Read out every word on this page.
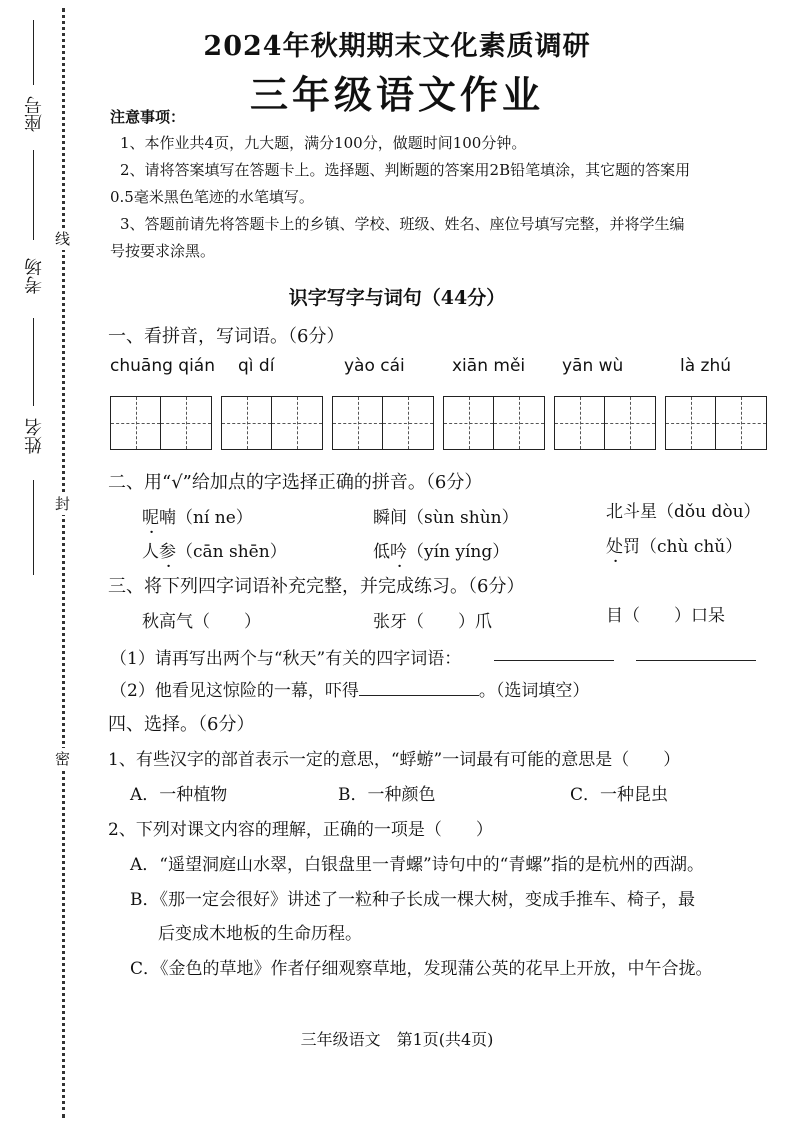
线
封
密
座号
考场
姓名
2024年秋期期末文化素质调研
三年级语文作业
注意事项：
1、本作业共4页，九大题，满分100分，做题时间100分钟。
2、请将答案填写在答题卡上。选择题、判断题的答案用2B铅笔填涂，其它题的答案用
0.5毫米黑色笔迹的水笔填写。
3、答题前请先将答题卡上的乡镇、学校、班级、姓名、座位号填写完整，并将学生编
号按要求涂黑。
识字写字与词句（44分）
一、看拼音，写词语。（6分）
chuāng qián qì dí	yào cái	xiān měi yān wù	là zhú
二、用“√”给加点的字选择正确的拼音。（6分）
呢喃（ní ne）	瞬间（sùn shùn）	北斗星（dǒu dòu）
人参（cān shēn）	低吟（yín yíng）	处罚（chù chǔ）
三、将下列四字词语补充完整，并完成练习。（6分）
秋高气（　　）	张牙（　　）爪	目（　　）口呆
（1）请再写出两个与“秋天”有关的四字词语：
（2）他看见这惊险的一幕，吓得	。（选词填空）
四、选择。（6分）
1、有些汉字的部首表示一定的意思，“蜉蝣”一词最有可能的意思是（　　）
A．一种植物	B．一种颜色	C．一种昆虫
2、下列对课文内容的理解，正确的一项是（　　）
A．“遥望洞庭山水翠，白银盘里一青螺”诗句中的“青螺”指的是杭州的西湖。
B．《那一定会很好》讲述了一粒种子长成一棵大树，变成手推车、椅子，最
后变成木地板的生命历程。
C．《金色的草地》作者仔细观察草地，发现蒲公英的花早上开放，中午合拢。
三年级语文　第1页(共4页)
